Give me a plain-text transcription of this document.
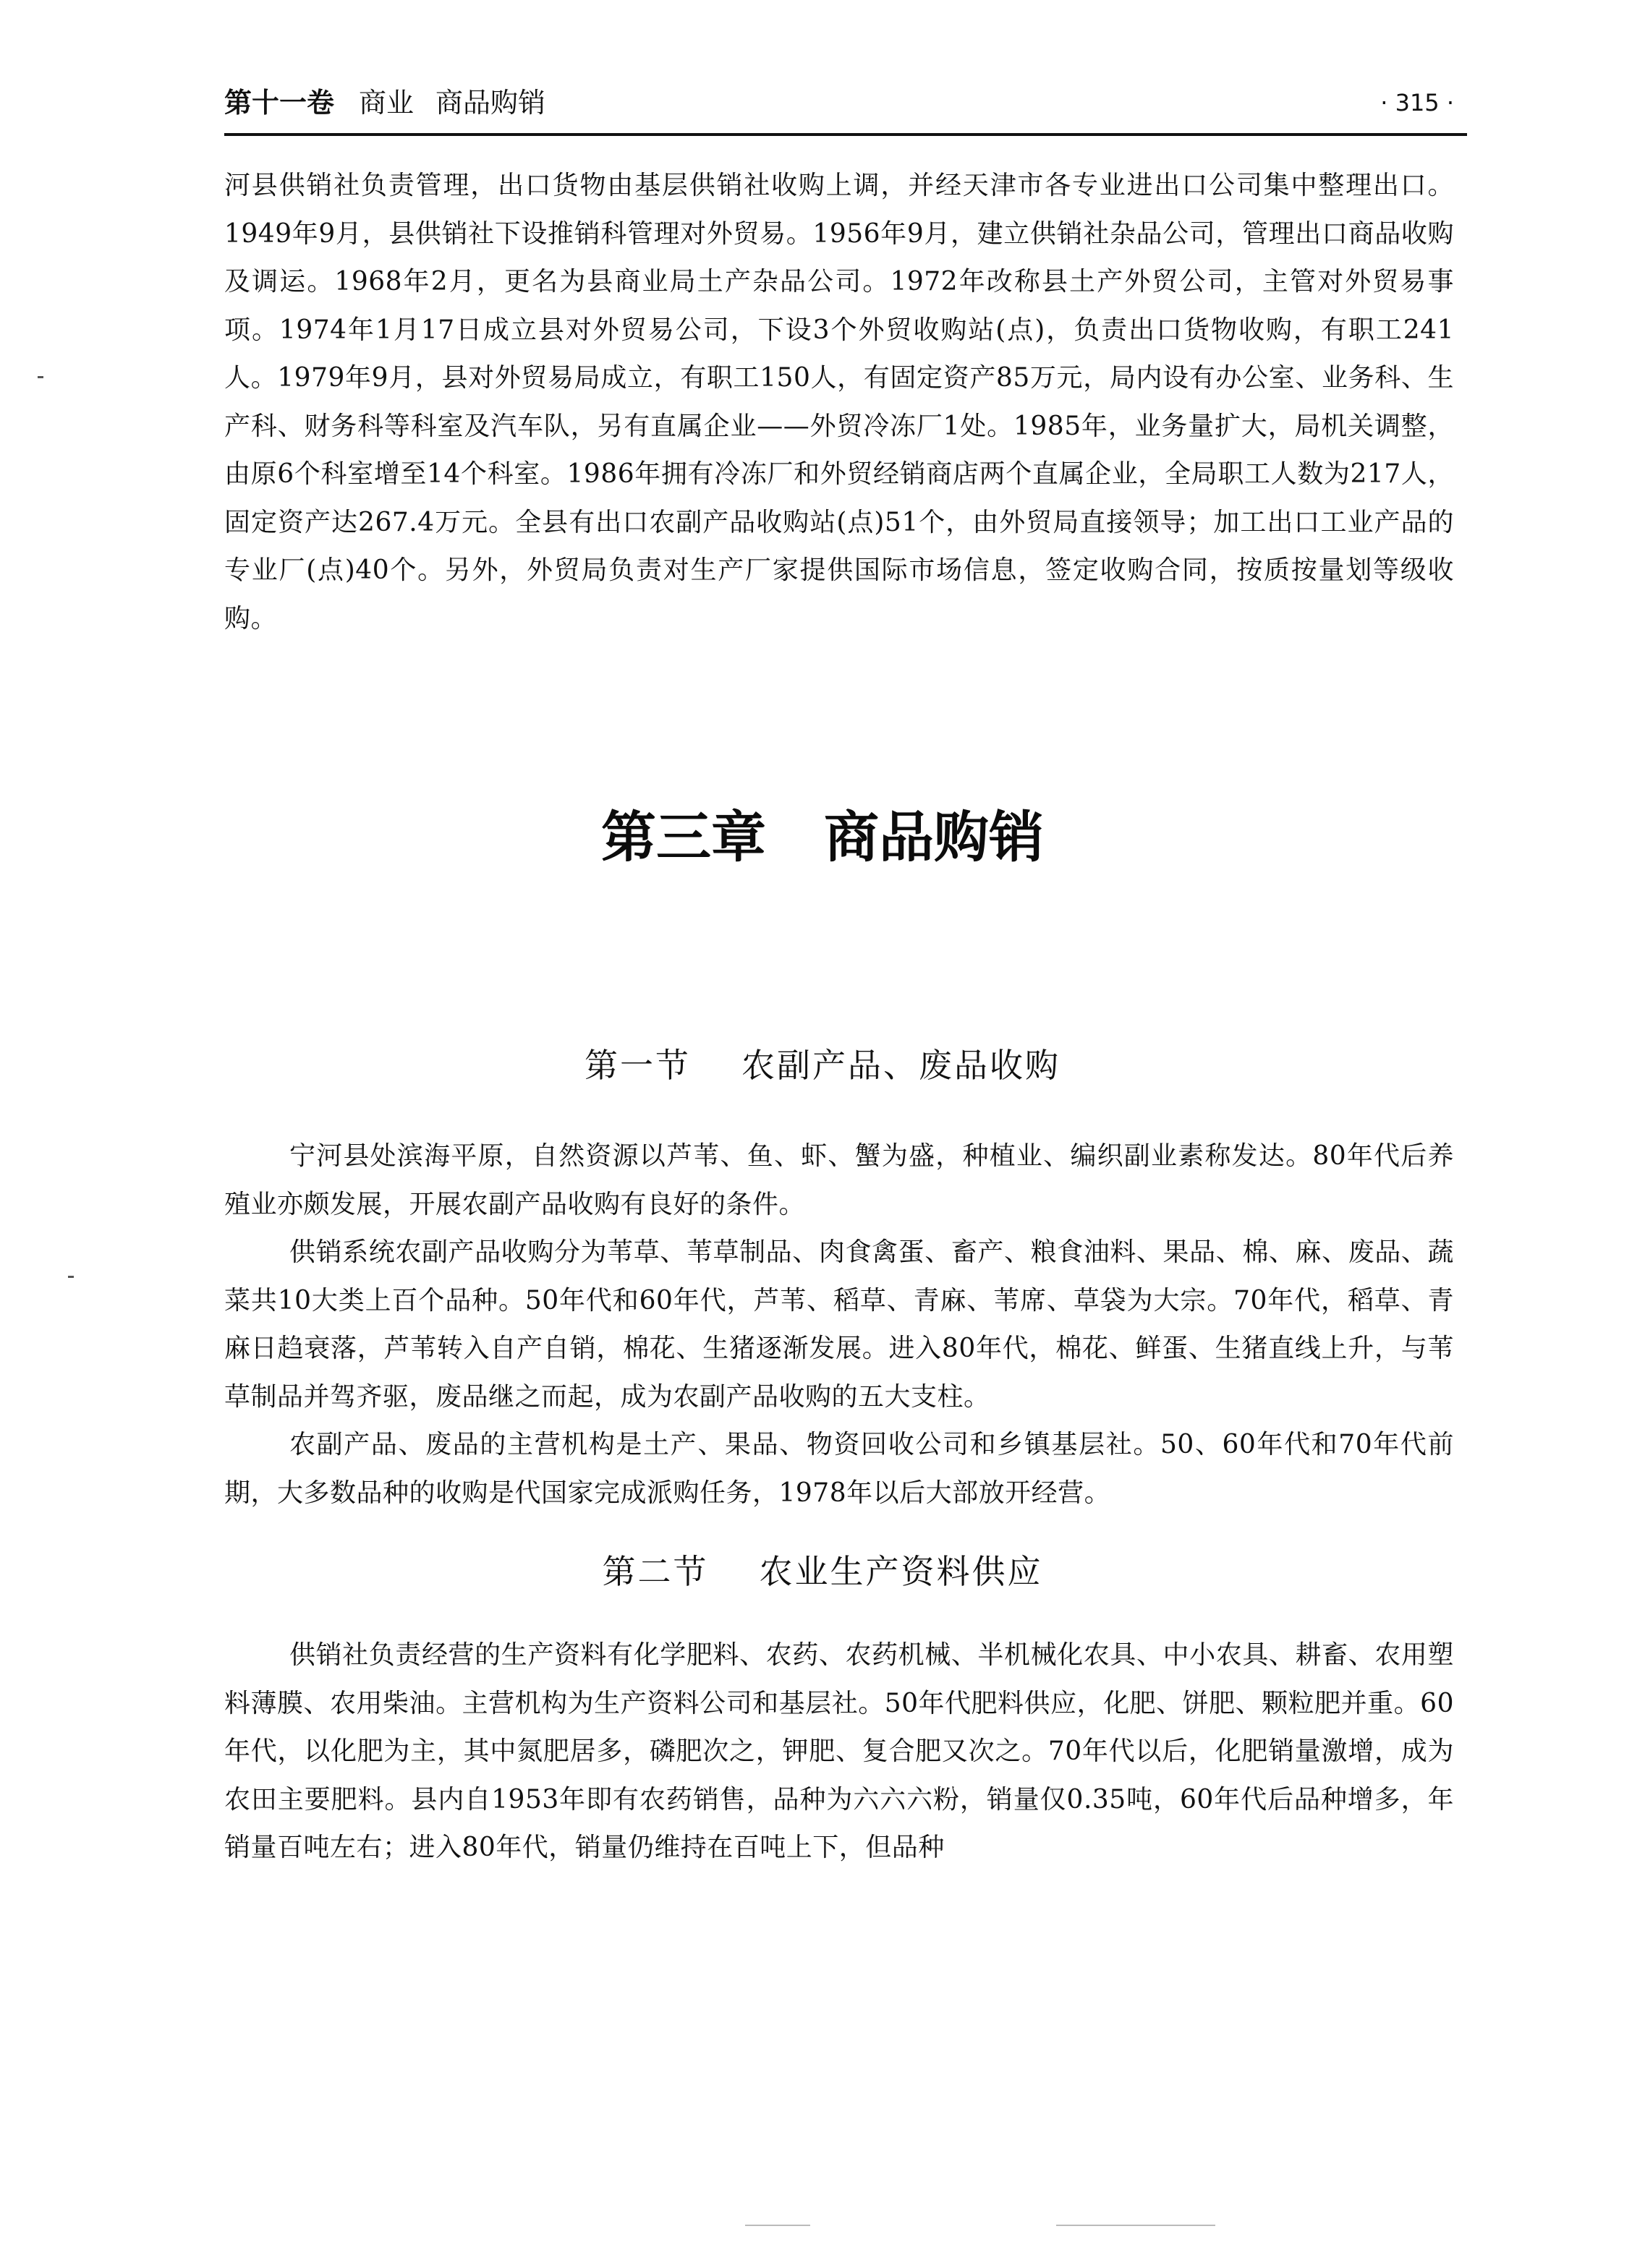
第十一卷 商业 商品购销	· 315 ·

河县供销社负责管理，出口货物由基层供销社收购上调，并经天津市各专业进出口公司集中整理出口。1949年9月，县供销社下设推销科管理对外贸易。1956年9月，建立供销社杂品公司，管理出口商品收购及调运。1968年2月，更名为县商业局土产杂品公司。1972年改称县土产外贸公司，主管对外贸易事项。1974年1月17日成立县对外贸易公司，下设3个外贸收购站(点)，负责出口货物收购，有职工241人。1979年9月，县对外贸易局成立，有职工150人，有固定资产85万元，局内设有办公室、业务科、生产科、财务科等科室及汽车队，另有直属企业——外贸冷冻厂1处。1985年，业务量扩大，局机关调整，由原6个科室增至14个科室。1986年拥有冷冻厂和外贸经销商店两个直属企业，全局职工人数为217人，固定资产达267.4万元。全县有出口农副产品收购站(点)51个，由外贸局直接领导；加工出口工业产品的专业厂(点)40个。另外，外贸局负责对生产厂家提供国际市场信息，签定收购合同，按质按量划等级收购。

第三章 商品购销
第一节 农副产品、废品收购

宁河县处滨海平原，自然资源以芦苇、鱼、虾、蟹为盛，种植业、编织副业素称发达。80年代后养殖业亦颇发展，开展农副产品收购有良好的条件。

供销系统农副产品收购分为苇草、苇草制品、肉食禽蛋、畜产、粮食油料、果品、棉、麻、废品、蔬菜共10大类上百个品种。50年代和60年代，芦苇、稻草、青麻、苇席、草袋为大宗。70年代，稻草、青麻日趋衰落，芦苇转入自产自销，棉花、生猪逐渐发展。进入80年代，棉花、鲜蛋、生猪直线上升，与苇草制品并驾齐驱，废品继之而起，成为农副产品收购的五大支柱。

农副产品、废品的主营机构是土产、果品、物资回收公司和乡镇基层社。50、60年代和70年代前期，大多数品种的收购是代国家完成派购任务，1978年以后大部放开经营。

第二节 农业生产资料供应

供销社负责经营的生产资料有化学肥料、农药、农药机械、半机械化农具、中小农具、耕畜、农用塑料薄膜、农用柴油。主营机构为生产资料公司和基层社。50年代肥料供应，化肥、饼肥、颗粒肥并重。60年代，以化肥为主，其中氮肥居多，磷肥次之，钾肥、复合肥又次之。70年代以后，化肥销量激增，成为农田主要肥料。县内自1953年即有农药销售，品种为六六六粉，销量仅0.35吨，60年代后品种增多，年销量百吨左右；进入80年代，销量仍维持在百吨上下，但品种
